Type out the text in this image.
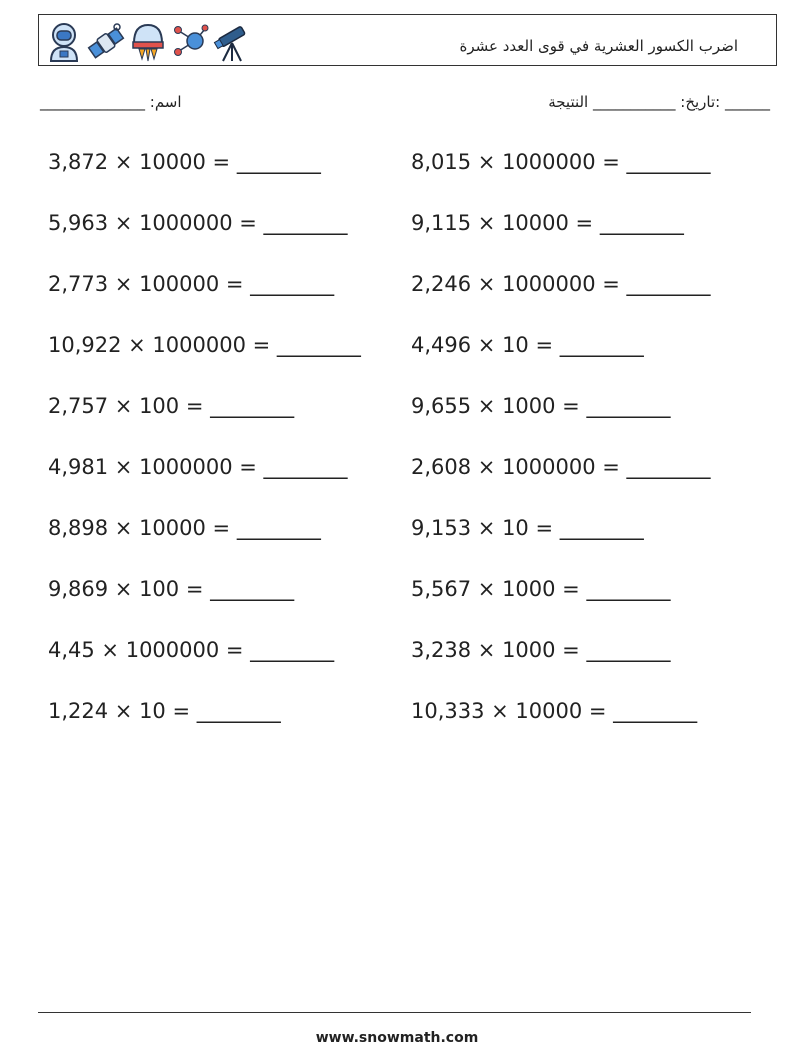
اضرب الكسور العشرية في قوى العدد عشرة
______ :تاريخ: ___________ النتيجة
اسم: ______________
3,872 × 10000 = ________	8,015 × 1000000 = ________
5,963 × 1000000 = ________	9,115 × 10000 = ________
2,773 × 100000 = ________	2,246 × 1000000 = ________
10,922 × 1000000 = ________ 4,496 × 10 = ________
2,757 × 100 = ________	9,655 × 1000 = ________
4,981 × 1000000 = ________	2,608 × 1000000 = ________
8,898 × 10000 = ________	9,153 × 10 = ________
9,869 × 100 = ________	5,567 × 1000 = ________
4,45 × 1000000 = ________	3,238 × 1000 = ________
1,224 × 10 = ________	10,333 × 10000 = ________
www.snowmath.com
